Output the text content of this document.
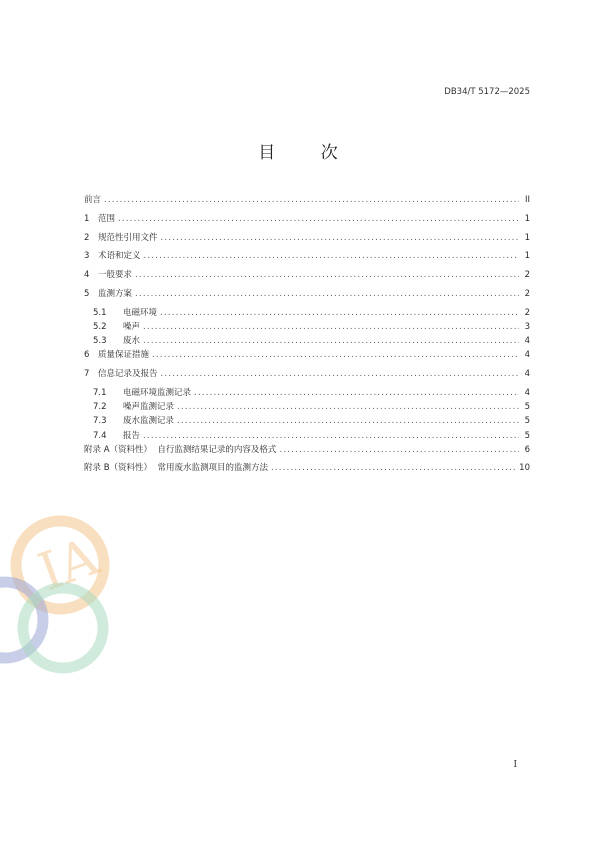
DB34/T 5172—2025
目 次
前言 .....	II
1	范围 .....	1
2	规范性引用文件 .....	1
3	术语和定义 .....	1
4	一般要求 .....	2
5	监测方案 .....	2
5.1	电磁环境 .....	2
5.2	噪声 .....	3
5.3	废水 .....	4
6	质量保证措施 .....	4
7	信息记录及报告 .....	4
7.1	电磁环境监测记录 .....	4
7.2	噪声监测记录 .....	5
7.3	废水监测记录 .....	5
7.4	报告 .....	5
附录 A（资料性）  自行监测结果记录的内容及格式 .....	6
附录 B（资料性）  常用废水监测项目的监测方法 .....	10
IA
I
